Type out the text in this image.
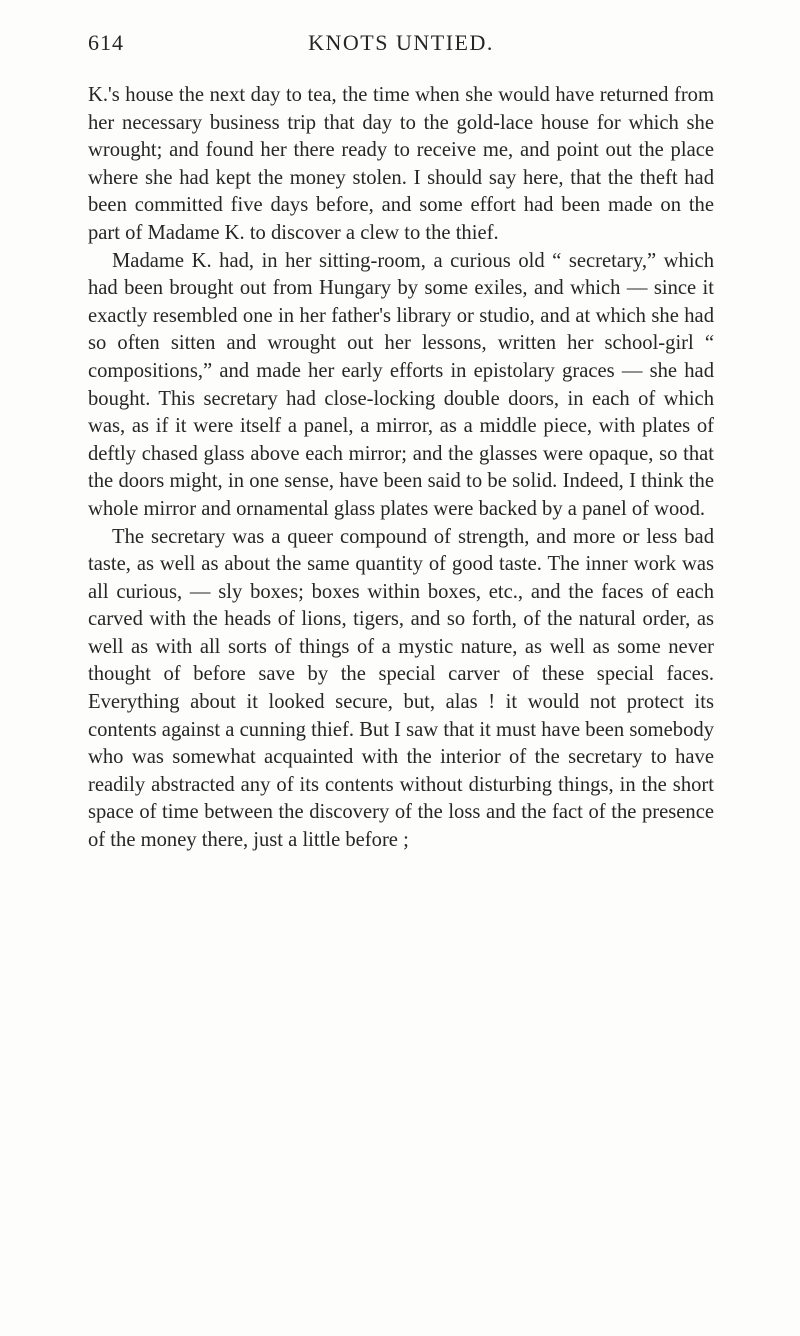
614	KNOTS UNTIED.

K.'s house the next day to tea, the time when she would have returned from her necessary business trip that day to the gold-lace house for which she wrought; and found her there ready to receive me, and point out the place where she had kept the money stolen. I should say here, that the theft had been committed five days before, and some effort had been made on the part of Madame K. to discover a clew to the thief.

Madame K. had, in her sitting-room, a curious old “ secretary,” which had been brought out from Hungary by some exiles, and which — since it exactly resembled one in her father's library or studio, and at which she had so often sitten and wrought out her lessons, written her school-girl “ compositions,” and made her early efforts in epistolary graces — she had bought. This secretary had close-locking double doors, in each of which was, as if it were itself a panel, a mirror, as a middle piece, with plates of deftly chased glass above each mirror; and the glasses were opaque, so that the doors might, in one sense, have been said to be solid. Indeed, I think the whole mirror and ornamental glass plates were backed by a panel of wood.

The secretary was a queer compound of strength, and more or less bad taste, as well as about the same quantity of good taste. The inner work was all curious, — sly boxes; boxes within boxes, etc., and the faces of each carved with the heads of lions, tigers, and so forth, of the natural order, as well as with all sorts of things of a mystic nature, as well as some never thought of before save by the special carver of these special faces. Everything about it looked secure, but, alas ! it would not protect its contents against a cunning thief. But I saw that it must have been somebody who was somewhat acquainted with the interior of the secretary to have readily abstracted any of its contents without disturbing things, in the short space of time between the discovery of the loss and the fact of the presence of the money there, just a little before ;
